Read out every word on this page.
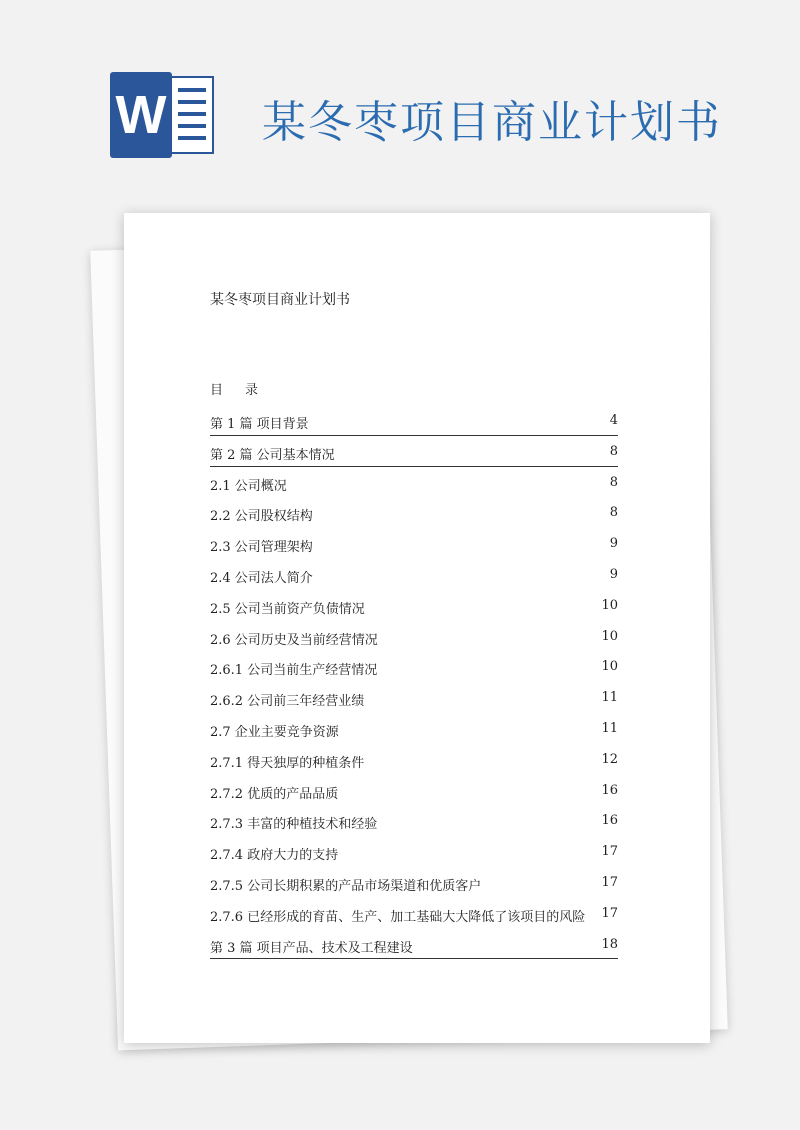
W 某冬枣项目商业计划书
某冬枣项目商业计划书
目录
第 1 篇 项目背景	4
第 2 篇 公司基本情况	8
2.1 公司概况	8
2.2 公司股权结构	8
2.3 公司管理架构	9
2.4 公司法人简介	9
2.5 公司当前资产负债情况	10
2.6 公司历史及当前经营情况	10
2.6.1 公司当前生产经营情况	10
2.6.2 公司前三年经营业绩	11
2.7 企业主要竞争资源	11
2.7.1 得天独厚的种植条件	12
2.7.2 优质的产品品质	16
2.7.3 丰富的种植技术和经验	16
2.7.4 政府大力的支持	17
2.7.5 公司长期积累的产品市场渠道和优质客户	17
2.7.6 已经形成的育苗、生产、加工基础大大降低了该项目的风险 17
第 3 篇 项目产品、技术及工程建设	18
